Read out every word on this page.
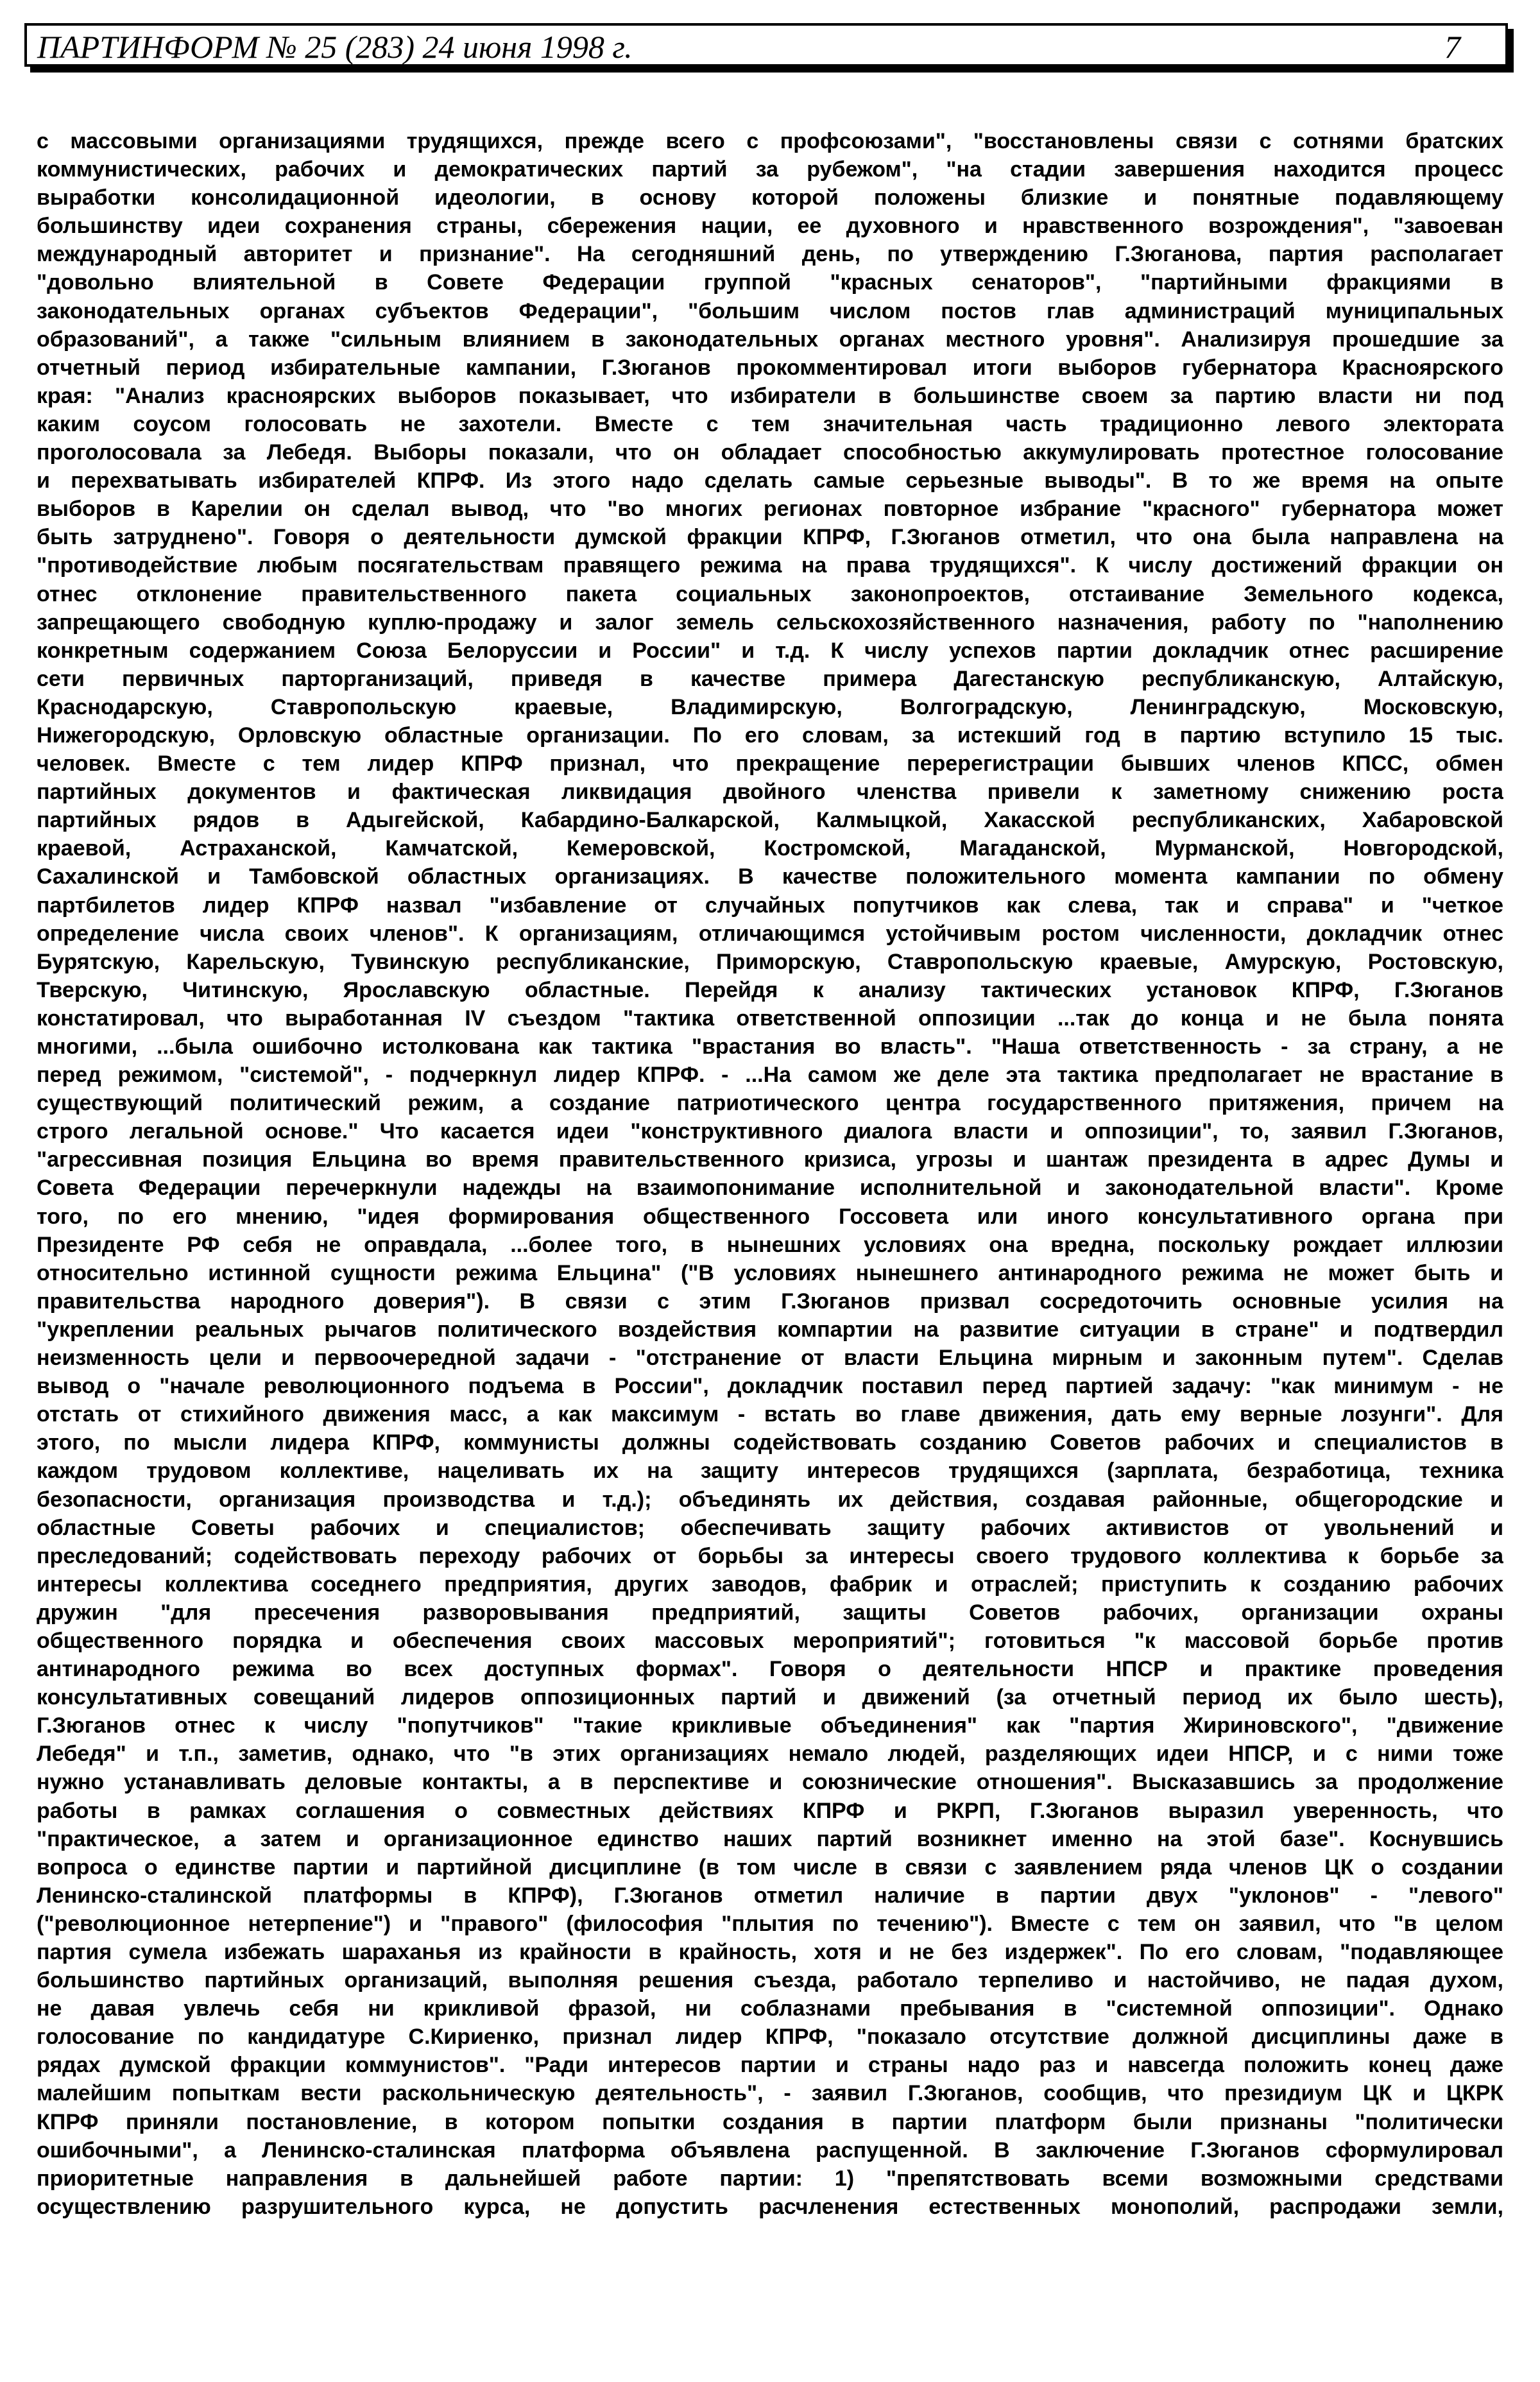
ПАРТИНФОРМ № 25 (283) 24 июня 1998 г.	7
с массовыми организациями трудящихся, прежде всего с профсоюзами", "восстановлены связи с сотнями братских
коммунистических, рабочих и демократических партий за рубежом", "на стадии завершения находится процесс
выработки консолидационной идеологии, в основу которой положены близкие и понятные подавляющему
большинству идеи сохранения страны, сбережения нации, ее духовного и нравственного возрождения", "завоеван
международный авторитет и признание". На сегодняшний день, по утверждению Г.Зюганова, партия располагает
"довольно влиятельной в Совете Федерации группой "красных сенаторов", "партийными фракциями в
законодательных органах субъектов Федерации", "большим числом постов глав администраций муниципальных
образований", а также "сильным влиянием в законодательных органах местного уровня". Анализируя прошедшие за
отчетный период избирательные кампании, Г.Зюганов прокомментировал итоги выборов губернатора Красноярского
края: "Анализ красноярских выборов показывает, что избиратели в большинстве своем за партию власти ни под
каким соусом голосовать не захотели. Вместе с тем значительная часть традиционно левого электората
проголосовала за Лебедя. Выборы показали, что он обладает способностью аккумулировать протестное голосование
и перехватывать избирателей КПРФ. Из этого надо сделать самые серьезные выводы". В то же время на опыте
выборов в Карелии он сделал вывод, что "во многих регионах повторное избрание "красного" губернатора может
быть затруднено". Говоря о деятельности думской фракции КПРФ, Г.Зюганов отметил, что она была направлена на
"противодействие любым посягательствам правящего режима на права трудящихся". К числу достижений фракции он
отнес отклонение правительственного пакета социальных законопроектов, отстаивание Земельного кодекса,
запрещающего свободную куплю-продажу и залог земель сельскохозяйственного назначения, работу по "наполнению
конкретным содержанием Союза Белоруссии и России" и т.д. К числу успехов партии докладчик отнес расширение
сети первичных парторганизаций, приведя в качестве примера Дагестанскую республиканскую, Алтайскую,
Краснодарскую, Ставропольскую краевые, Владимирскую, Волгоградскую, Ленинградскую, Московскую,
Нижегородскую, Орловскую областные организации. По его словам, за истекший год в партию вступило 15 тыс.
человек. Вместе с тем лидер КПРФ признал, что прекращение перерегистрации бывших членов КПСС, обмен
партийных документов и фактическая ликвидация двойного членства привели к заметному снижению роста
партийных рядов в Адыгейской, Кабардино-Балкарской, Калмыцкой, Хакасской республиканских, Хабаровской
краевой, Астраханской, Камчатской, Кемеровской, Костромской, Магаданской, Мурманской, Новгородской,
Сахалинской и Тамбовской областных организациях. В качестве положительного момента кампании по обмену
партбилетов лидер КПРФ назвал "избавление от случайных попутчиков как слева, так и справа" и "четкое
определение числа своих членов". К организациям, отличающимся устойчивым ростом численности, докладчик отнес
Бурятскую, Карельскую, Тувинскую республиканские, Приморскую, Ставропольскую краевые, Амурскую, Ростовскую,
Тверскую, Читинскую, Ярославскую областные. Перейдя к анализу тактических установок КПРФ, Г.Зюганов
констатировал, что выработанная IV съездом "тактика ответственной оппозиции ...так до конца и не была понята
многими, ...была ошибочно истолкована как тактика "врастания во власть". "Наша ответственность - за страну, а не
перед режимом, "системой", - подчеркнул лидер КПРФ. - ...На самом же деле эта тактика предполагает не врастание в
существующий политический режим, а создание патриотического центра государственного притяжения, причем на
строго легальной основе." Что касается идеи "конструктивного диалога власти и оппозиции", то, заявил Г.Зюганов,
"агрессивная позиция Ельцина во время правительственного кризиса, угрозы и шантаж президента в адрес Думы и
Совета Федерации перечеркнули надежды на взаимопонимание исполнительной и законодательной власти". Кроме
того, по его мнению, "идея формирования общественного Госсовета или иного консультативного органа при
Президенте РФ себя не оправдала, ...более того, в нынешних условиях она вредна, поскольку рождает иллюзии
относительно истинной сущности режима Ельцина" ("В условиях нынешнего антинародного режима не может быть и
правительства народного доверия"). В связи с этим Г.Зюганов призвал сосредоточить основные усилия на
"укреплении реальных рычагов политического воздействия компартии на развитие ситуации в стране" и подтвердил
неизменность цели и первоочередной задачи - "отстранение от власти Ельцина мирным и законным путем". Сделав
вывод о "начале революционного подъема в России", докладчик поставил перед партией задачу: "как минимум - не
отстать от стихийного движения масс, а как максимум - встать во главе движения, дать ему верные лозунги". Для
этого, по мысли лидера КПРФ, коммунисты должны содействовать созданию Советов рабочих и специалистов в
каждом трудовом коллективе, нацеливать их на защиту интересов трудящихся (зарплата, безработица, техника
безопасности, организация производства и т.д.); объединять их действия, создавая районные, общегородские и
областные Советы рабочих и специалистов; обеспечивать защиту рабочих активистов от увольнений и
преследований; содействовать переходу рабочих от борьбы за интересы своего трудового коллектива к борьбе за
интересы коллектива соседнего предприятия, других заводов, фабрик и отраслей; приступить к созданию рабочих
дружин "для пресечения разворовывания предприятий, защиты Советов рабочих, организации охраны
общественного порядка и обеспечения своих массовых мероприятий"; готовиться "к массовой борьбе против
антинародного режима во всех доступных формах". Говоря о деятельности НПСР и практике проведения
консультативных совещаний лидеров оппозиционных партий и движений (за отчетный период их было шесть),
Г.Зюганов отнес к числу "попутчиков" "такие крикливые объединения" как "партия Жириновского", "движение
Лебедя" и т.п., заметив, однако, что "в этих организациях немало людей, разделяющих идеи НПСР, и с ними тоже
нужно устанавливать деловые контакты, а в перспективе и союзнические отношения". Высказавшись за продолжение
работы в рамках соглашения о совместных действиях КПРФ и РКРП, Г.Зюганов выразил уверенность, что
"практическое, а затем и организационное единство наших партий возникнет именно на этой базе". Коснувшись
вопроса о единстве партии и партийной дисциплине (в том числе в связи с заявлением ряда членов ЦК о создании
Ленинско-сталинской платформы в КПРФ), Г.Зюганов отметил наличие в партии двух "уклонов" - "левого"
("революционное нетерпение") и "правого" (философия "плытия по течению"). Вместе с тем он заявил, что "в целом
партия сумела избежать шараханья из крайности в крайность, хотя и не без издержек". По его словам, "подавляющее
большинство партийных организаций, выполняя решения съезда, работало терпеливо и настойчиво, не падая духом,
не давая увлечь себя ни крикливой фразой, ни соблазнами пребывания в "системной оппозиции". Однако
голосование по кандидатуре С.Кириенко, признал лидер КПРФ, "показало отсутствие должной дисциплины даже в
рядах думской фракции коммунистов". "Ради интересов партии и страны надо раз и навсегда положить конец даже
малейшим попыткам вести раскольническую деятельность", - заявил Г.Зюганов, сообщив, что президиум ЦК и ЦКРК
КПРФ приняли постановление, в котором попытки создания в партии платформ были признаны "политически
ошибочными", а Ленинско-сталинская платформа объявлена распущенной. В заключение Г.Зюганов сформулировал
приоритетные направления в дальнейшей работе партии: 1) "препятствовать всеми возможными средствами
осуществлению разрушительного курса, не допустить расчленения естественных монополий, распродажи земли,
